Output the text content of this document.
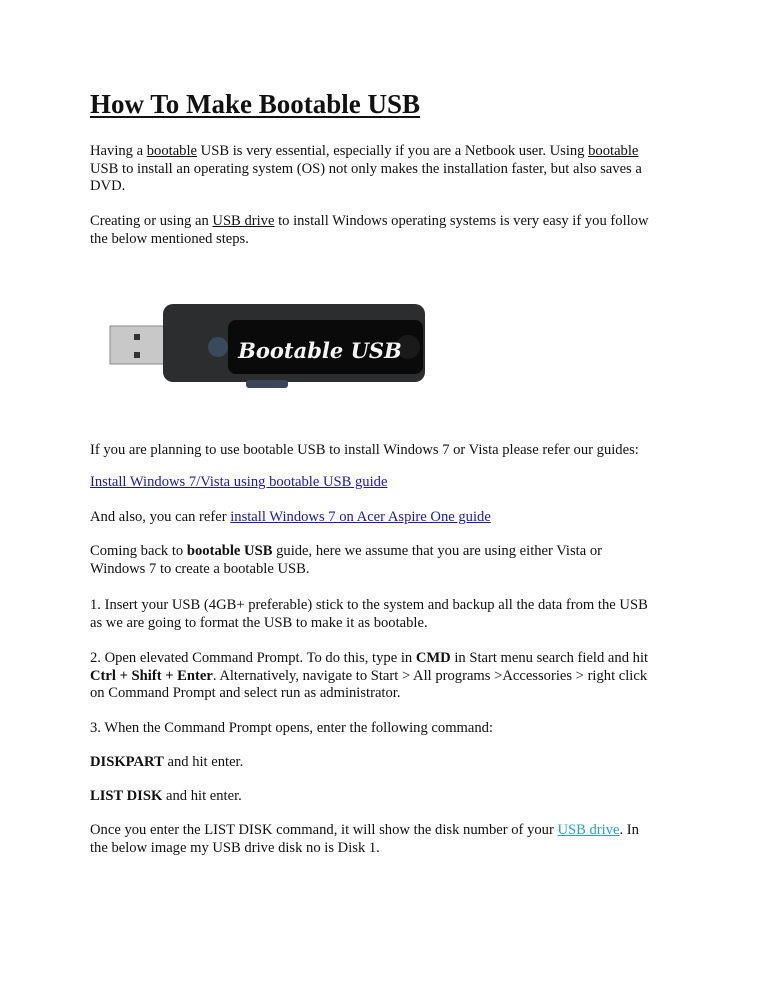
How To Make Bootable USB
Having a bootable USB is very essential, especially if you are a Netbook user. Using bootable
USB to install an operating system (OS) not only makes the installation faster, but also saves a
DVD.
Creating or using an USB drive to install Windows operating systems is very easy if you follow
the below mentioned steps.
Bootable USB
If you are planning to use bootable USB to install Windows 7 or Vista please refer our guides:
Install Windows 7/Vista using bootable USB guide
And also, you can refer install Windows 7 on Acer Aspire One guide
Coming back to bootable USB guide, here we assume that you are using either Vista or
Windows 7 to create a bootable USB.
1. Insert your USB (4GB+ preferable) stick to the system and backup all the data from the USB
as we are going to format the USB to make it as bootable.
2. Open elevated Command Prompt. To do this, type in CMD in Start menu search field and hit
Ctrl + Shift + Enter. Alternatively, navigate to Start > All programs >Accessories > right click
on Command Prompt and select run as administrator.
3. When the Command Prompt opens, enter the following command:
DISKPART and hit enter.
LIST DISK and hit enter.
Once you enter the LIST DISK command, it will show the disk number of your USB drive. In
the below image my USB drive disk no is Disk 1.
